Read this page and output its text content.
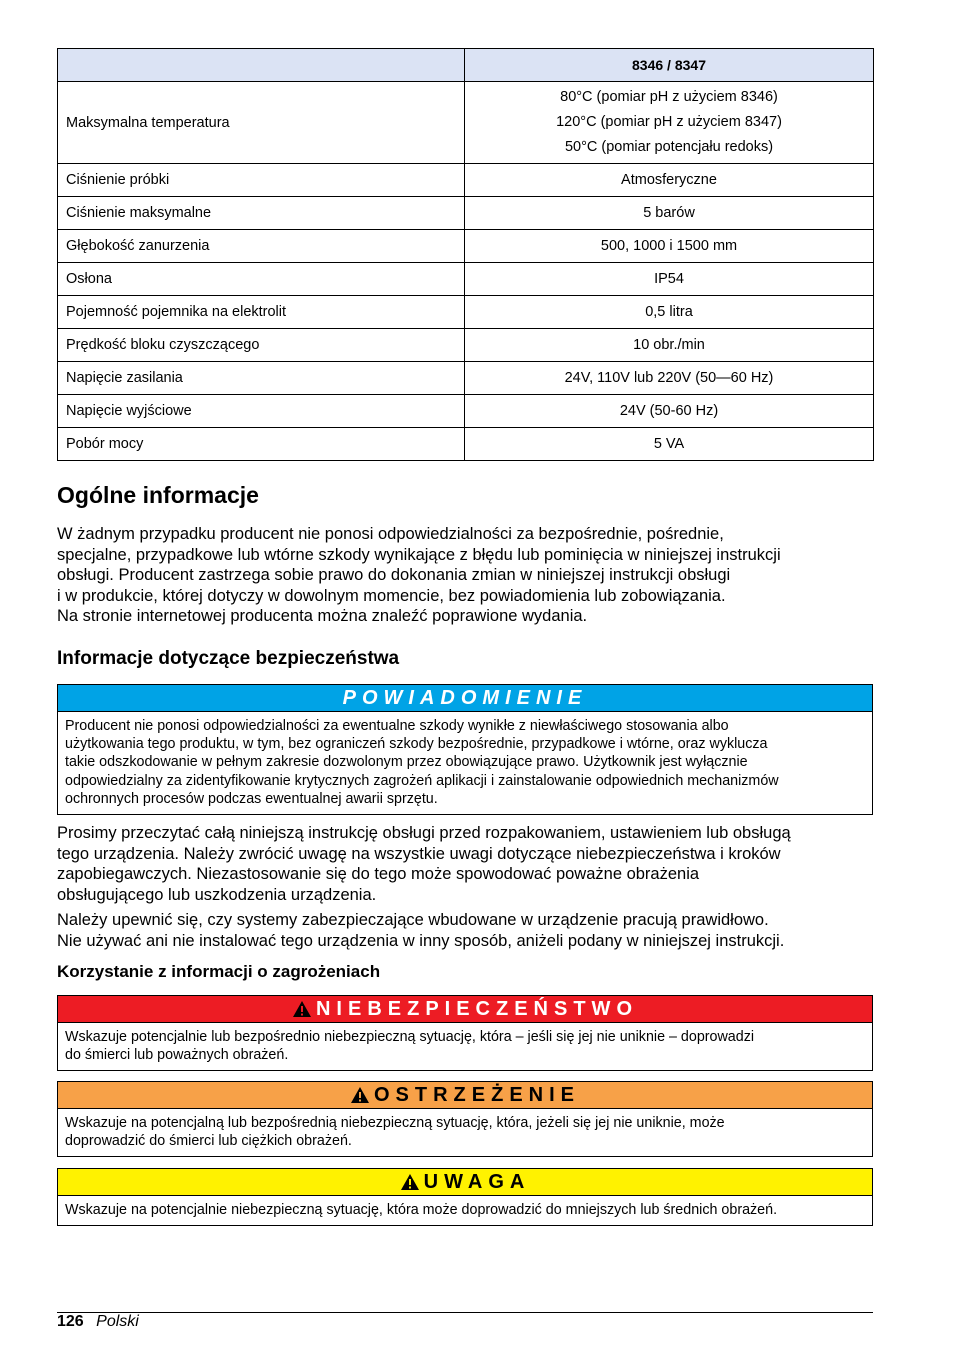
	8346 / 8347
Maksymalna temperatura	80°C (pomiar pH z użyciem 8346)
120°C (pomiar pH z użyciem 8347)
50°C (pomiar potencjału redoks)

Ciśnienie próbki	Atmosferyczne

Ciśnienie maksymalne	5 barów

Głębokość zanurzenia	500, 1000 i 1500 mm

Osłona	IP54

Pojemność pojemnika na elektrolit	0,5 litra

Prędkość bloku czyszczącego	10 obr./min

Napięcie zasilania	24V, 110V lub 220V (50—60 Hz)

Napięcie wyjściowe	24V (50-60 Hz)

Pobór mocy	5 VA
Ogólne informacje

W żadnym przypadku producent nie ponosi odpowiedzialności za bezpośrednie, pośrednie,
specjalne, przypadkowe lub wtórne szkody wynikające z błędu lub pominięcia w niniejszej instrukcji
obsługi. Producent zastrzega sobie prawo do dokonania zmian w niniejszej instrukcji obsługi
i w produkcie, której dotyczy w dowolnym momencie, bez powiadomienia lub zobowiązania.
Na stronie internetowej producenta można znaleźć poprawione wydania.

Informacje dotyczące bezpieczeństwa
POWIADOMIENIE
Producent nie ponosi odpowiedzialności za ewentualne szkody wynikłe z niewłaściwego stosowania albo
użytkowania tego produktu, w tym, bez ograniczeń szkody bezpośrednie, przypadkowe i wtórne, oraz wyklucza
takie odszkodowanie w pełnym zakresie dozwolonym przez obowiązujące prawo. Użytkownik jest wyłącznie
odpowiedzialny za zidentyfikowanie krytycznych zagrożeń aplikacji i zainstalowanie odpowiednich mechanizmów
ochronnych procesów podczas ewentualnej awarii sprzętu.

Prosimy przeczytać całą niniejszą instrukcję obsługi przed rozpakowaniem, ustawieniem lub obsługą
tego urządzenia. Należy zwrócić uwagę na wszystkie uwagi dotyczące niebezpieczeństwa i kroków
zapobiegawczych. Niezastosowanie się do tego może spowodować poważne obrażenia
obsługującego lub uszkodzenia urządzenia.

Należy upewnić się, czy systemy zabezpieczające wbudowane w urządzenie pracują prawidłowo.
Nie używać ani nie instalować tego urządzenia w inny sposób, aniżeli podany w niniejszej instrukcji.

Korzystanie z informacji o zagrożeniach
NIEBEZPIECZEŃSTWO
Wskazuje potencjalnie lub bezpośrednio niebezpieczną sytuację, która – jeśli się jej nie uniknie – doprowadzi
do śmierci lub poważnych obrażeń.
OSTRZEŻENIE
Wskazuje na potencjalną lub bezpośrednią niebezpieczną sytuację, która, jeżeli się jej nie uniknie, może
doprowadzić do śmierci lub ciężkich obrażeń.
UWAGA
Wskazuje na potencjalnie niebezpieczną sytuację, która może doprowadzić do mniejszych lub średnich obrażeń.
126 Polski
